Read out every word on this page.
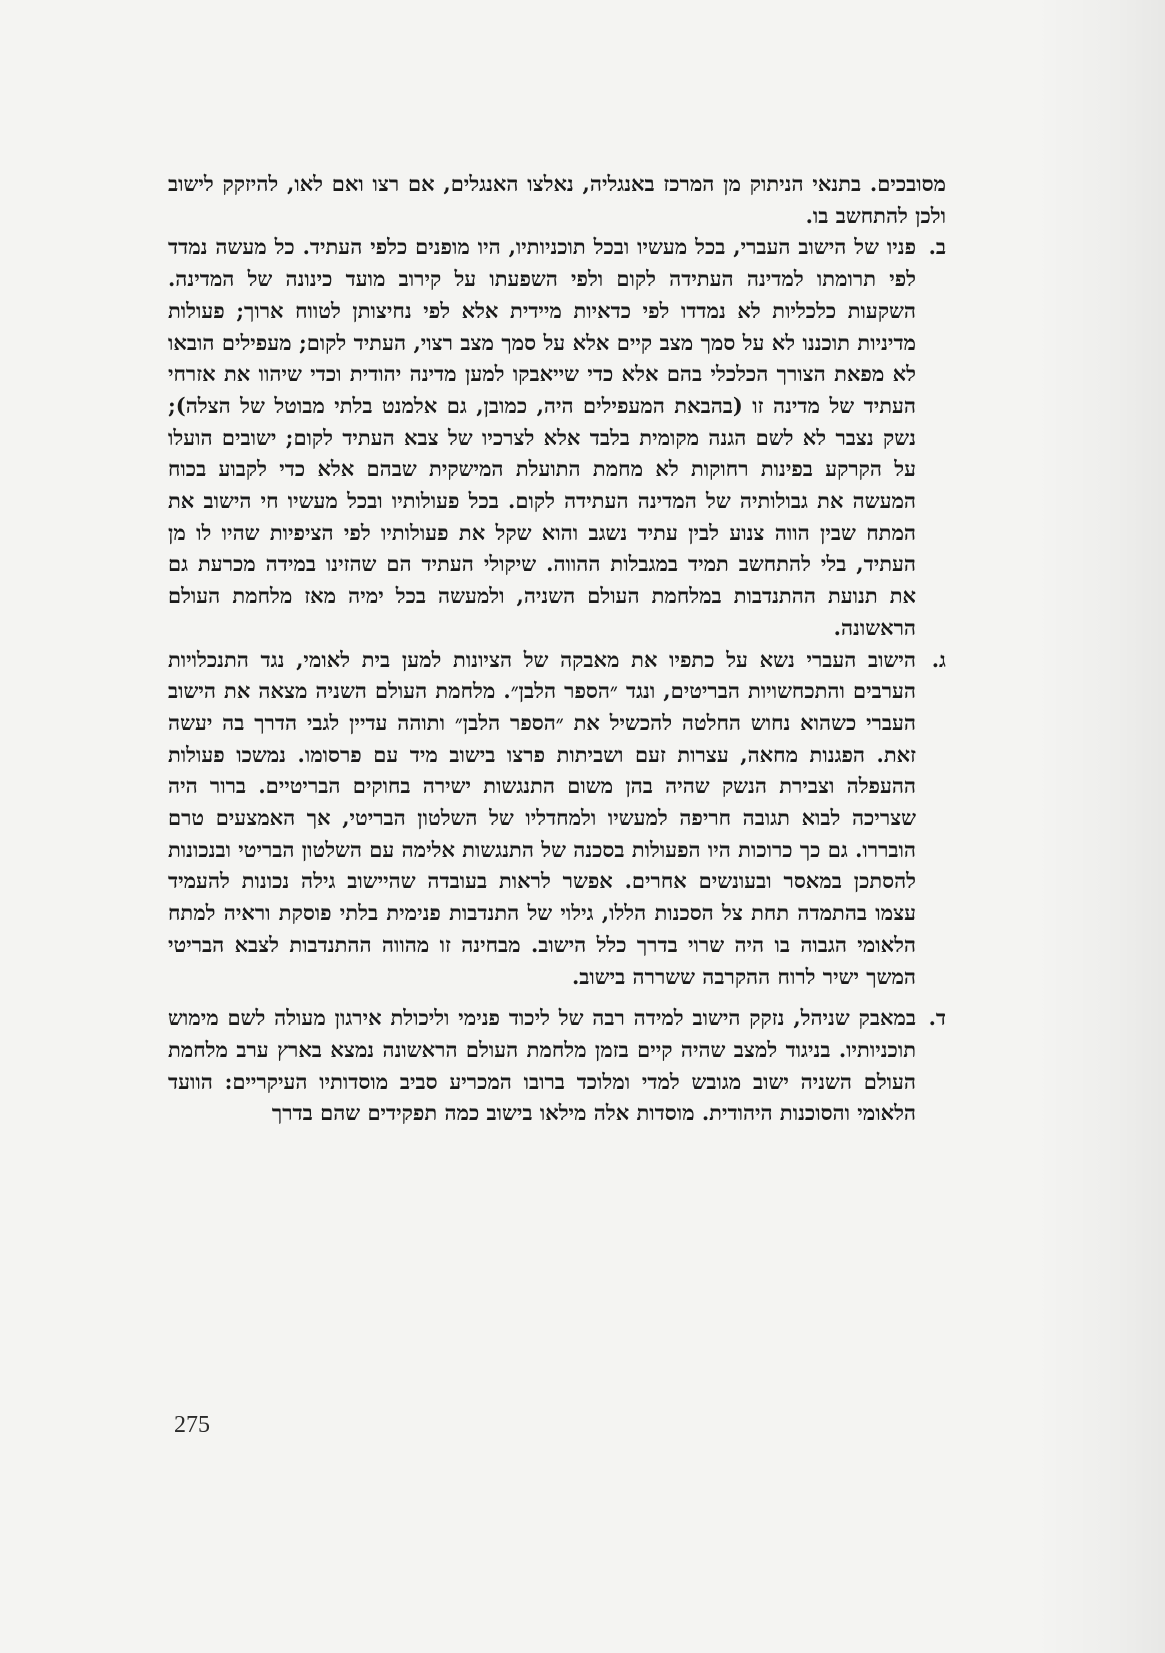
מסובכים. בתנאי הניתוק מן המרכז באנגליה, נאלצו האנגלים, אם רצו ואם לאו, להיזקק לישוב ולכן להתחשב בו.

ב.
פניו של הישוב העברי, בכל מעשיו ובכל תוכניותיו, היו מופנים כלפי העתיד. כל מעשה נמדד לפי תרומתו למדינה העתידה לקום ולפי השפעתו על קירוב מועד כינונה של המדינה. השקעות כלכליות לא נמדדו לפי כדאיות מיידית אלא לפי נחיצותן לטווח ארוך; פעולות מדיניות תוכננו לא על סמך מצב קיים אלא על סמך מצב רצוי, העתיד לקום; מעפילים הובאו לא מפאת הצורך הכלכלי בהם אלא כדי שייאבקו למען מדינה יהודית וכדי שיהוו את אזרחי העתיד של מדינה זו (בהבאת המעפילים היה, כמובן, גם אלמנט בלתי מבוטל של הצלה); נשק נצבר לא לשם הגנה מקומית בלבד אלא לצרכיו של צבא העתיד לקום; ישובים הועלו על הקרקע בפינות רחוקות לא מחמת התועלת המישקית שבהם אלא כדי לקבוע בכוח המעשה את גבולותיה של המדינה העתידה לקום. בכל פעולותיו ובכל מעשיו חי הישוב את המתח שבין הווה צנוע לבין עתיד נשגב והוא שקל את פעולותיו לפי הציפיות שהיו לו מן העתיד, בלי להתחשב תמיד במגבלות ההווה. שיקולי העתיד הם שהזינו במידה מכרעת גם את תנועת ההתנדבות במלחמת העולם השניה, ולמעשה בכל ימיה מאז מלחמת העולם הראשונה.
ג.
הישוב העברי נשא על כתפיו את מאבקה של הציונות למען בית לאומי, נגד התנכלויות הערבים והתכחשויות הבריטים, ונגד ״הספר הלבן״. מלחמת העולם השניה מצאה את הישוב העברי כשהוא נחוש החלטה להכשיל את ״הספר הלבן״ ותוהה עדיין לגבי הדרך בה יעשה זאת. הפגנות מחאה, עצרות זעם ושביתות פרצו בישוב מיד עם פרסומו. נמשכו פעולות ההעפלה וצבירת הנשק שהיה בהן משום התנגשות ישירה בחוקים הבריטיים. ברור היה שצריכה לבוא תגובה חריפה למעשיו ולמחדליו של השלטון הבריטי, אך האמצעים טרם הובררו. גם כך כרוכות היו הפעולות בסכנה של התנגשות אלימה עם השלטון הבריטי ובנכונות להסתכן במאסר ובעונשים אחרים. אפשר לראות בעובדה שהיישוב גילה נכונות להעמיד עצמו בהתמדה תחת צל הסכנות הללו, גילוי של התנדבות פנימית בלתי פוסקת וראיה למתח הלאומי הגבוה בו היה שרוי בדרך כלל הישוב. מבחינה זו מהווה ההתנדבות לצבא הבריטי המשך ישיר לרוח ההקרבה ששררה בישוב.
ד.
במאבק שניהל, נזקק הישוב למידה רבה של ליכוד פנימי וליכולת אירגון מעולה לשם מימוש תוכניותיו. בניגוד למצב שהיה קיים בזמן מלחמת העולם הראשונה נמצא בארץ ערב מלחמת העולם השניה ישוב מגובש למדי ומלוכד ברובו המכריע סביב מוסדותיו העיקריים: הוועד הלאומי והסוכנות היהודית. מוסדות אלה מילאו בישוב כמה תפקידים שהם בדרך
275
